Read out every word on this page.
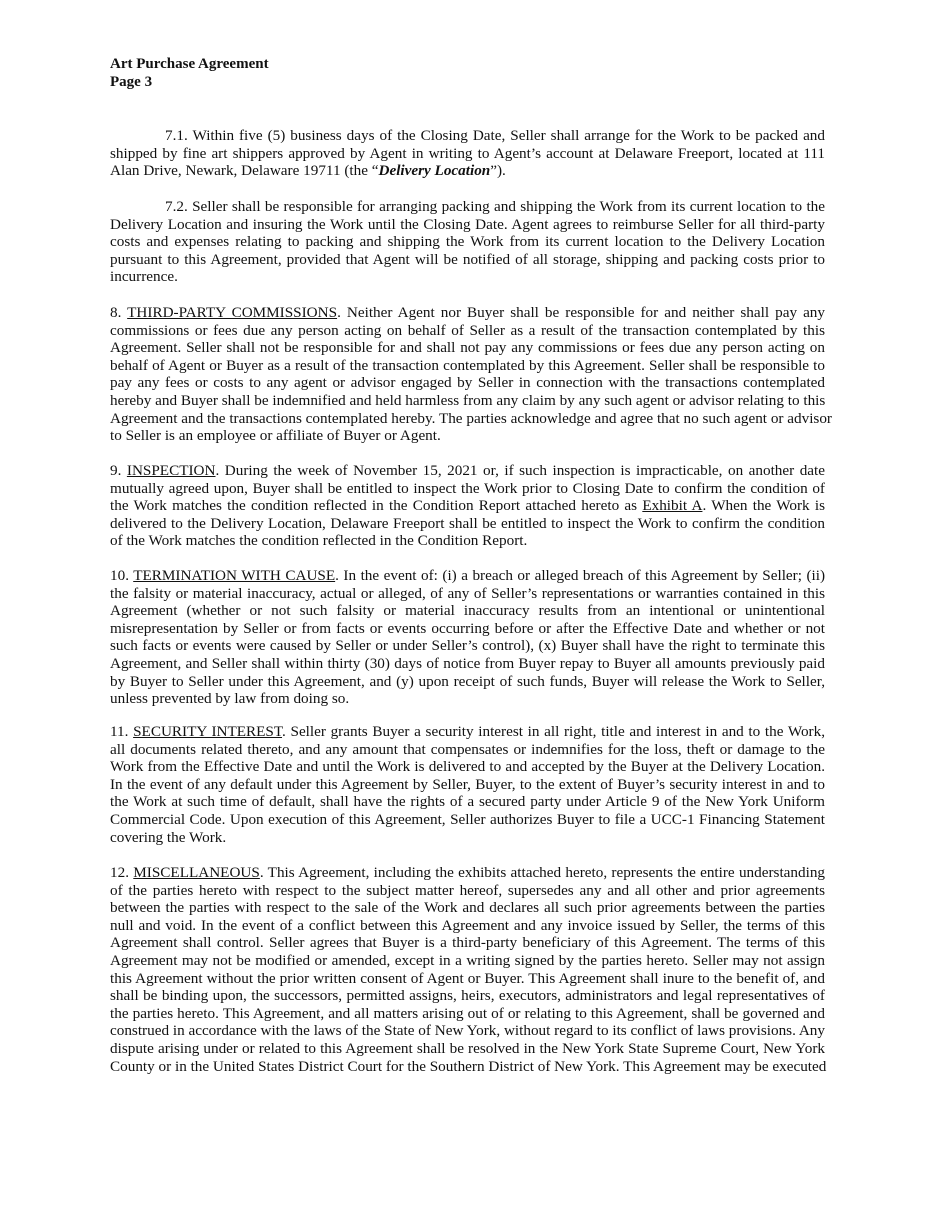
Art Purchase Agreement
Page 3
7.1. Within five (5) business days of the Closing Date, Seller shall arrange for the Work to be packed and
shipped by fine art shippers approved by Agent in writing to Agent’s account at Delaware Freeport, located at 111
Alan Drive, Newark, Delaware 19711 (the “Delivery Location”).
7.2. Seller shall be responsible for arranging packing and shipping the Work from its current location to the
Delivery Location and insuring the Work until the Closing Date. Agent agrees to reimburse Seller for all third-party
costs and expenses relating to packing and shipping the Work from its current location to the Delivery Location
pursuant to this Agreement, provided that Agent will be notified of all storage, shipping and packing costs prior to
incurrence.
8. THIRD-PARTY COMMISSIONS. Neither Agent nor Buyer shall be responsible for and neither shall pay any
commissions or fees due any person acting on behalf of Seller as a result of the transaction contemplated by this
Agreement. Seller shall not be responsible for and shall not pay any commissions or fees due any person acting on
behalf of Agent or Buyer as a result of the transaction contemplated by this Agreement. Seller shall be responsible to
pay any fees or costs to any agent or advisor engaged by Seller in connection with the transactions contemplated
hereby and Buyer shall be indemnified and held harmless from any claim by any such agent or advisor relating to this
Agreement and the transactions contemplated hereby. The parties acknowledge and agree that no such agent or advisor
to Seller is an employee or affiliate of Buyer or Agent.
9. INSPECTION. During the week of November 15, 2021 or, if such inspection is impracticable, on another date
mutually agreed upon, Buyer shall be entitled to inspect the Work prior to Closing Date to confirm the condition of
the Work matches the condition reflected in the Condition Report attached hereto as Exhibit A. When the Work is
delivered to the Delivery Location, Delaware Freeport shall be entitled to inspect the Work to confirm the condition
of the Work matches the condition reflected in the Condition Report.
10. TERMINATION WITH CAUSE. In the event of: (i) a breach or alleged breach of this Agreement by Seller; (ii)
the falsity or material inaccuracy, actual or alleged, of any of Seller’s representations or warranties contained in this
Agreement (whether or not such falsity or material inaccuracy results from an intentional or unintentional
misrepresentation by Seller or from facts or events occurring before or after the Effective Date and whether or not
such facts or events were caused by Seller or under Seller’s control), (x) Buyer shall have the right to terminate this
Agreement, and Seller shall within thirty (30) days of notice from Buyer repay to Buyer all amounts previously paid
by Buyer to Seller under this Agreement, and (y) upon receipt of such funds, Buyer will release the Work to Seller,
unless prevented by law from doing so.
11. SECURITY INTEREST. Seller grants Buyer a security interest in all right, title and interest in and to the Work,
all documents related thereto, and any amount that compensates or indemnifies for the loss, theft or damage to the
Work from the Effective Date and until the Work is delivered to and accepted by the Buyer at the Delivery Location.
In the event of any default under this Agreement by Seller, Buyer, to the extent of Buyer’s security interest in and to
the Work at such time of default, shall have the rights of a secured party under Article 9 of the New York Uniform
Commercial Code. Upon execution of this Agreement, Seller authorizes Buyer to file a UCC-1 Financing Statement
covering the Work.
12. MISCELLANEOUS. This Agreement, including the exhibits attached hereto, represents the entire understanding
of the parties hereto with respect to the subject matter hereof, supersedes any and all other and prior agreements
between the parties with respect to the sale of the Work and declares all such prior agreements between the parties
null and void. In the event of a conflict between this Agreement and any invoice issued by Seller, the terms of this
Agreement shall control. Seller agrees that Buyer is a third-party beneficiary of this Agreement. The terms of this
Agreement may not be modified or amended, except in a writing signed by the parties hereto. Seller may not assign
this Agreement without the prior written consent of Agent or Buyer. This Agreement shall inure to the benefit of, and
shall be binding upon, the successors, permitted assigns, heirs, executors, administrators and legal representatives of
the parties hereto. This Agreement, and all matters arising out of or relating to this Agreement, shall be governed and
construed in accordance with the laws of the State of New York, without regard to its conflict of laws provisions. Any
dispute arising under or related to this Agreement shall be resolved in the New York State Supreme Court, New York
County or in the United States District Court for the Southern District of New York. This Agreement may be executed
